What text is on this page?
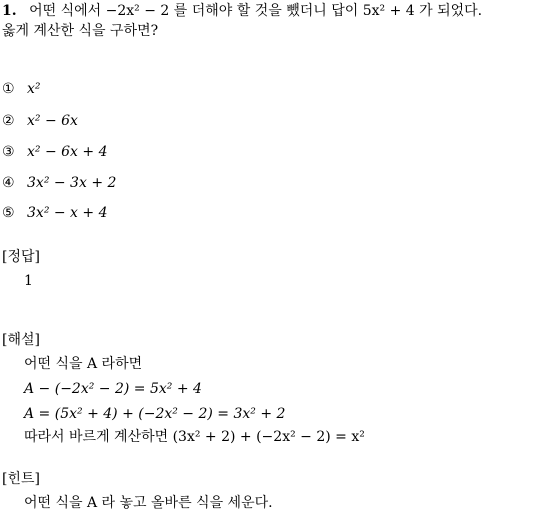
1. 어떤 식에서 −2x² − 2 를 더해야 할 것을 뺐더니 답이 5x² + 4 가 되었다.
옳게 계산한 식을 구하면?
① x²
② x² − 6x
③ x² − 6x + 4
④ 3x² − 3x + 2
⑤ 3x² − x + 4
[정답]
1
[해설]
어떤 식을 A 라하면
A − (−2x² − 2) = 5x² + 4
A = (5x² + 4) + (−2x² − 2) = 3x² + 2
따라서 바르게 계산하면 (3x² + 2) + (−2x² − 2) = x²
[힌트]
어떤 식을 A 라 놓고 올바른 식을 세운다.
